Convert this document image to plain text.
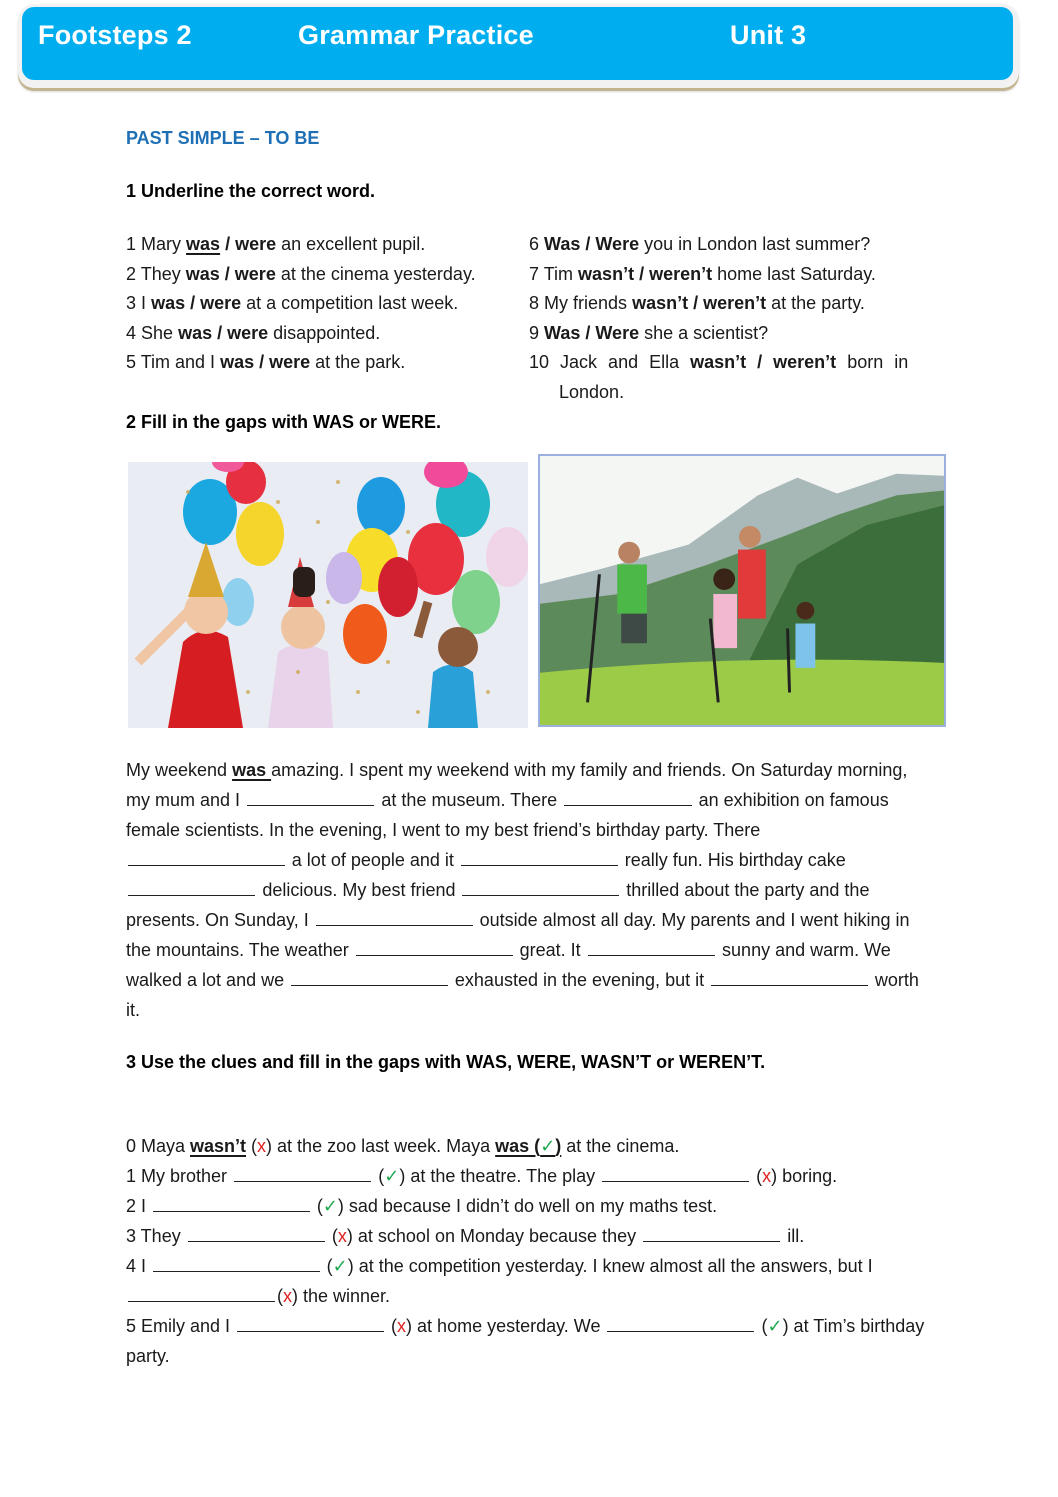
Footsteps 2	Grammar Practice	Unit 3
PAST SIMPLE – TO BE
1 Underline the correct word.
1 Mary was / were an excellent pupil.
2 They was / were at the cinema yesterday.
3 I was / were at a competition last week.
4 She was / were disappointed.
5 Tim and I was / were at the park.
6 Was / Were you in London last summer?
7 Tim wasn’t / weren’t home last Saturday.
8 My friends wasn’t / weren’t at the party.
9 Was / Were she a scientist?
10 Jack and Ella wasn’t / weren’t born in
London.
2 Fill in the gaps with WAS or WERE.
My weekend was amazing. I spent my weekend with my family and friends. On Saturday morning,
my mum and I	at the museum. There	an exhibition on famous
female scientists. In the evening, I went to my best friend’s birthday party. There
a lot of people and it	really fun. His birthday cake
delicious. My best friend	thrilled about the party and the
presents. On Sunday, I	outside almost all day. My parents and I went hiking in
the mountains. The weather	great. It	sunny and warm. We
walked a lot and we	exhausted in the evening, but it	worth
it.
3 Use the clues and fill in the gaps with WAS, WERE, WASN’T or WEREN’T.
0 Maya wasn’t (x) at the zoo last week. Maya was (✓) at the cinema.
1 My brother	(✓) at the theatre. The play	(x) boring.
2 I	(✓) sad because I didn’t do well on my maths test.
3 They	(x) at school on Monday because they	ill.
4 I	(✓) at the competition yesterday. I knew almost all the answers, but I
(x) the winner.
5 Emily and I	(x) at home yesterday. We	(✓) at Tim’s birthday
party.
